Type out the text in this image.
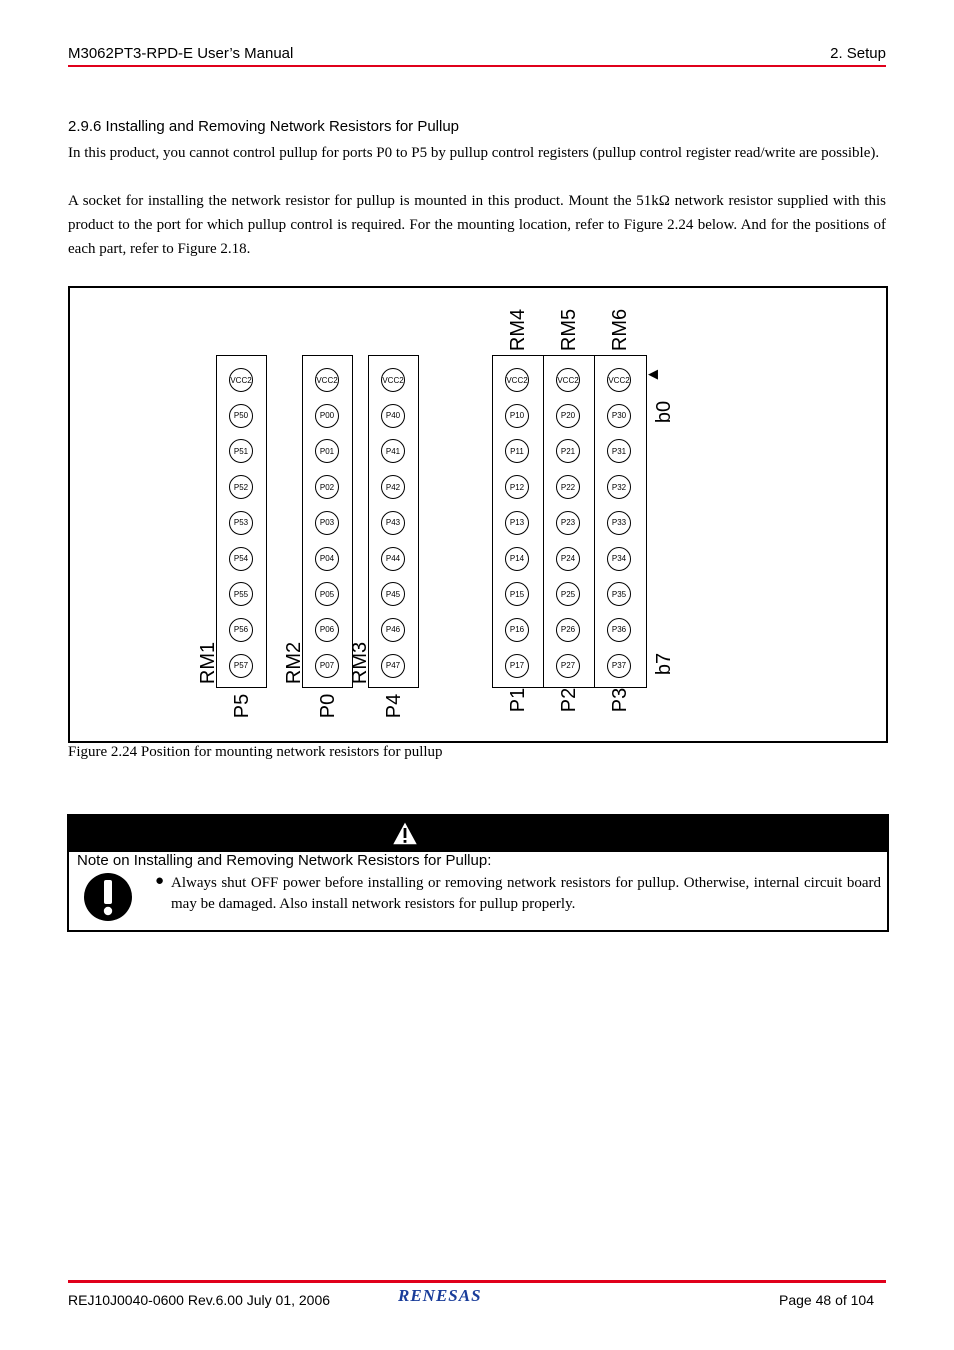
M3062PT3-RPD-E User’s Manual	2. Setup
2.9.6 Installing and Removing Network Resistors for Pullup
In this product, you cannot control pullup for ports P0 to P5 by pullup control registers (pullup control register read/write are possible).
A socket for installing the network resistor for pullup is mounted in this product. Mount the 51kΩ network resistor supplied with this product to the port for which pullup control is required. For the mounting location, refer to Figure 2.24 below. And for the positions of each part, refer to Figure 2.18.
VCC2
P50
P51
P52
P53
P54
P55
P56
P57
RM1
P5
VCC2
P00
P01
P02
P03
P04
P05
P06
P07
RM2
P0
VCC2
P40
P41
P42
P43
P44
P45
P46
P47
RM3
P4
VCC2
P10
P11
P12
P13
P14
P15
P16
P17
RM4
P1
VCC2
P20
P21
P22
P23
P24
P25
P26
P27
RM5
P2
VCC2
P30
P31
P32
P33
P34
P35
P36
P37
RM6
P3
◀
b0
b7
Figure 2.24 Position for mounting network resistors for pullup
Note on Installing and Removing Network Resistors for Pullup:
● Always shut OFF power before installing or removing network resistors for pullup. Otherwise, internal circuit board may be damaged. Also install network resistors for pullup properly.
REJ10J0040-0600 Rev.6.00 July 01, 2006	RENESAS	Page 48 of 104
